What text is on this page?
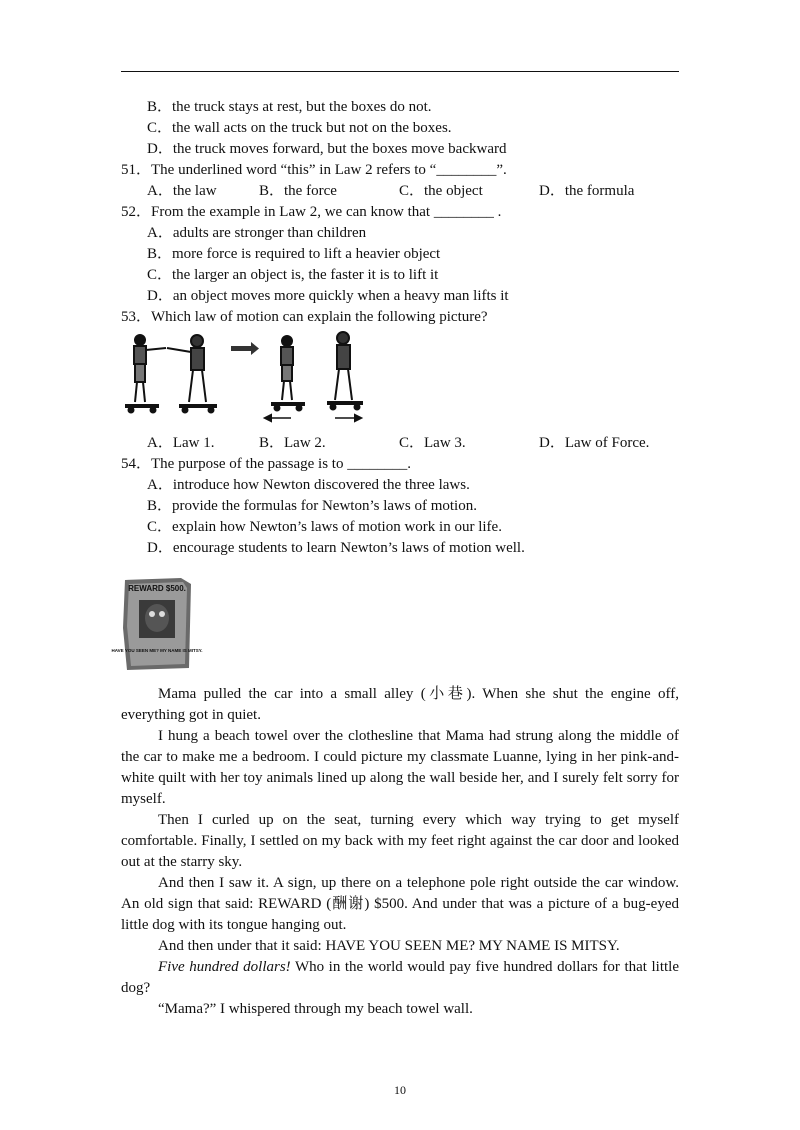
B．the truck stays at rest, but the boxes do not.
C．the wall acts on the truck but not on the boxes.
D．the truck moves forward, but the boxes move backward
51．The underlined word “this” in Law 2 refers to “________”.
A．the law	B．the force	C．the object	D．the formula
52．From the example in Law 2, we can know that ________ .
A．adults are stronger than children
B．more force is required to lift a heavier object
C．the larger an object is, the faster it is to lift it
D．an object moves more quickly when a heavy man lifts it
53．Which law of motion can explain the following picture?
A．Law 1.	B．Law 2.	C．Law 3.	D．Law of Force.
54．The purpose of the passage is to ________.
A．introduce how Newton discovered the three laws.
B．provide the formulas for Newton’s laws of motion.
C．explain how Newton’s laws of motion work in our life.
D．encourage students to learn Newton’s laws of motion well.
REWARD $500.
HAVE YOU SEEN ME? MY NAME IS MITSY.
Mama pulled the car into a small alley (小巷). When she shut the engine off, everything got in quiet.
I hung a beach towel over the clothesline that Mama had strung along the middle of the car to make me a bedroom. I could picture my classmate Luanne, lying in her pink-and-white quilt with her toy animals lined up along the wall beside her, and I surely felt sorry for myself.
Then I curled up on the seat, turning every which way trying to get myself comfortable. Finally, I settled on my back with my feet right against the car door and looked out at the starry sky.
And then I saw it. A sign, up there on a telephone pole right outside the car window. An old sign that said: REWARD (酬谢) $500. And under that was a picture of a bug-eyed little dog with its tongue hanging out.
And then under that it said: HAVE YOU SEEN ME? MY NAME IS MITSY.
Five hundred dollars! Who in the world would pay five hundred dollars for that little dog?
“Mama?” I whispered through my beach towel wall.
10
